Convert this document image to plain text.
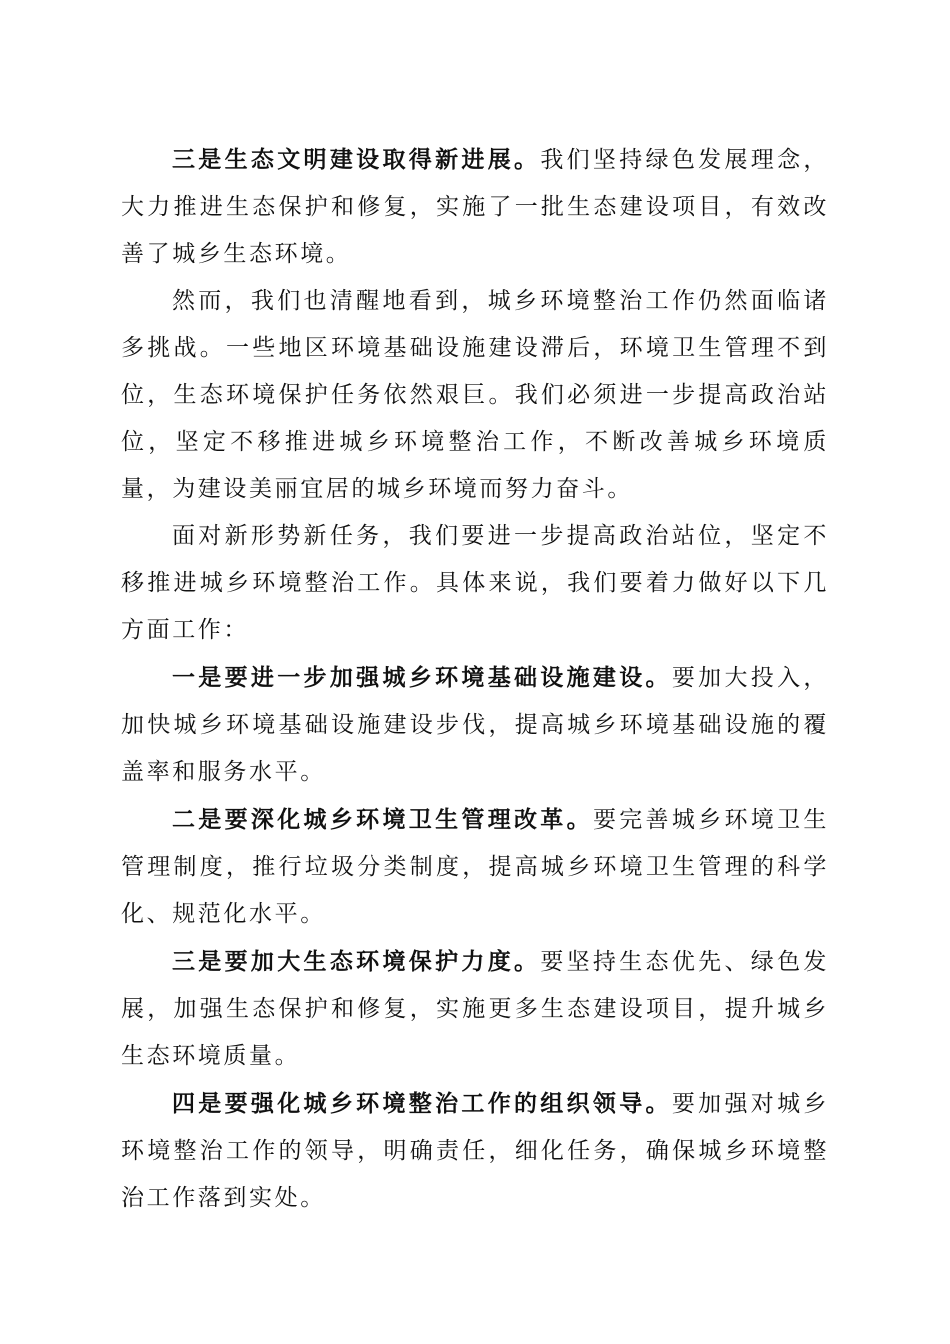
三是生态文明建设取得新进展。我们坚持绿色发展理念，大力推进生态保护和修复，实施了一批生态建设项目，有效改善了城乡生态环境。

然而，我们也清醒地看到，城乡环境整治工作仍然面临诸多挑战。一些地区环境基础设施建设滞后，环境卫生管理不到位，生态环境保护任务依然艰巨。我们必须进一步提高政治站位，坚定不移推进城乡环境整治工作，不断改善城乡环境质量，为建设美丽宜居的城乡环境而努力奋斗。

面对新形势新任务，我们要进一步提高政治站位，坚定不移推进城乡环境整治工作。具体来说，我们要着力做好以下几方面工作：

一是要进一步加强城乡环境基础设施建设。要加大投入，加快城乡环境基础设施建设步伐，提高城乡环境基础设施的覆盖率和服务水平。

二是要深化城乡环境卫生管理改革。要完善城乡环境卫生管理制度，推行垃圾分类制度，提高城乡环境卫生管理的科学化、规范化水平。

三是要加大生态环境保护力度。要坚持生态优先、绿色发展，加强生态保护和修复，实施更多生态建设项目，提升城乡生态环境质量。

四是要强化城乡环境整治工作的组织领导。要加强对城乡环境整治工作的领导，明确责任，细化任务，确保城乡环境整治工作落到实处。
